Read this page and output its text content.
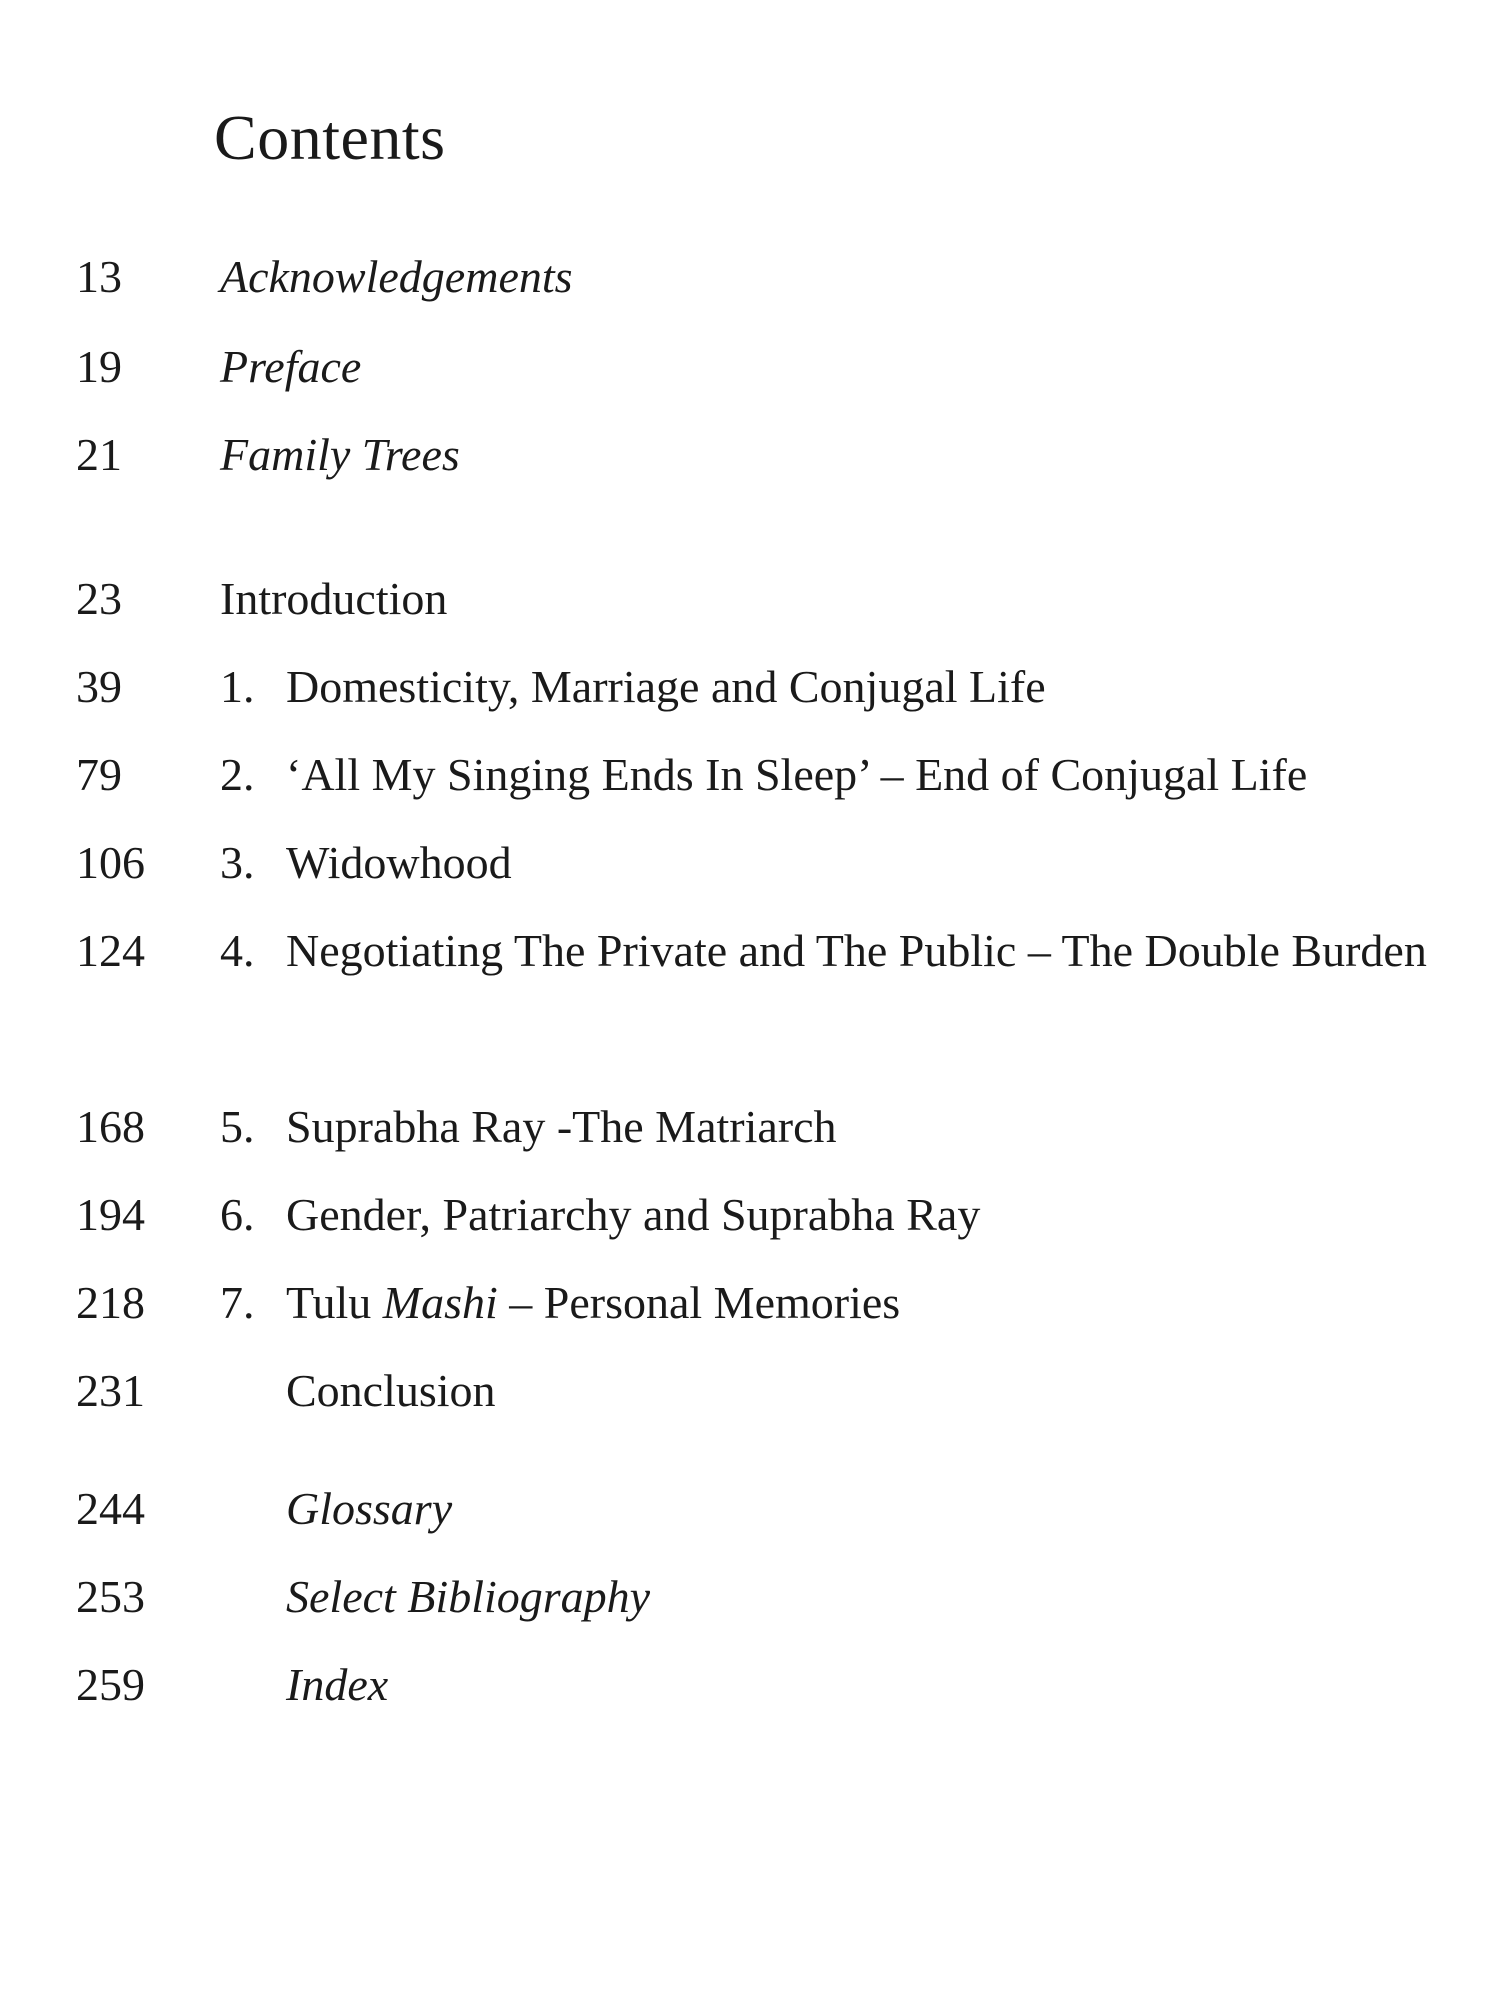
Contents
13	Acknowledgements
19	Preface
21	Family Trees
23	Introduction
39	1. Domesticity, Marriage and Conjugal Life
79	2. ‘All My Singing Ends In Sleep’ – End of Conjugal Life
106	3. Widowhood
124	4. Negotiating The Private and The Public – The Double Burden
168	5. Suprabha Ray -The Matriarch
194	6. Gender, Patriarchy and Suprabha Ray
218	7. Tulu Mashi – Personal Memories
231	Conclusion
244	Glossary
253	Select Bibliography
259	Index
